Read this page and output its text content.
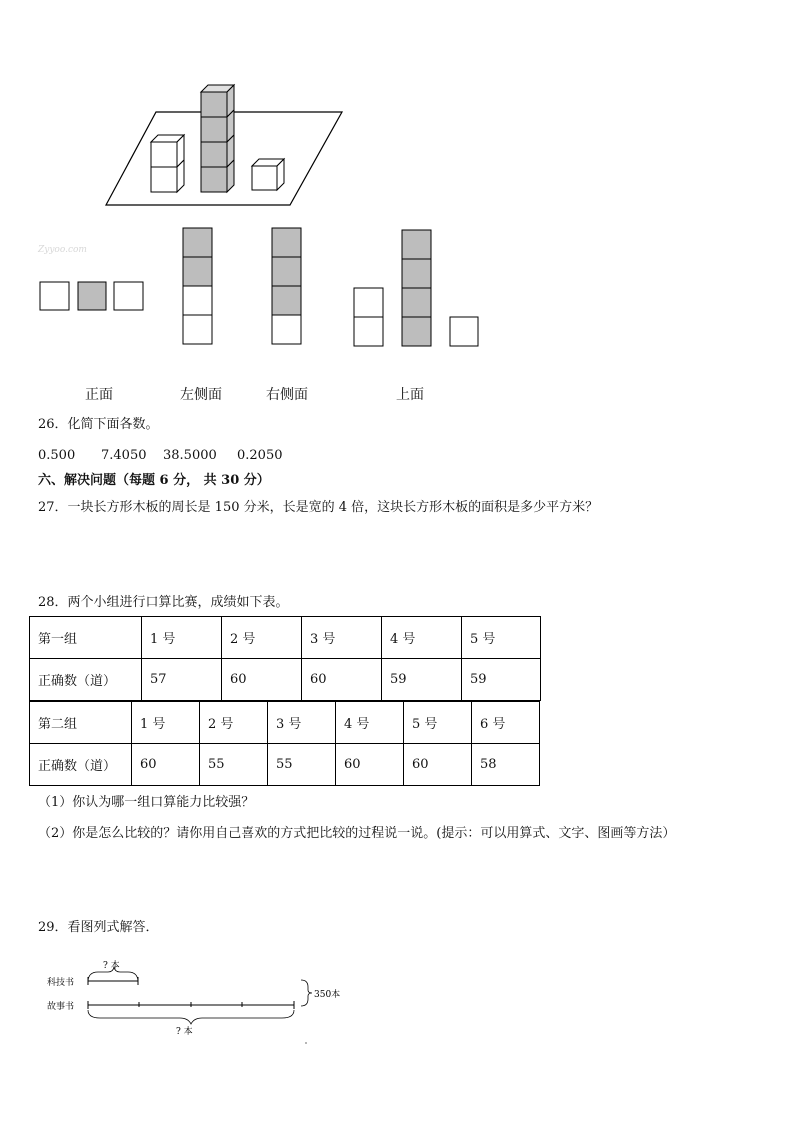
Zyyoo.com
正面	左侧面	右侧面	上面
26．化简下面各数。
0.500 7.4050 38.5000 0.2050
六、解决问题（每题 6 分， 共 30 分）
27．一块长方形木板的周长是 150 分米，长是宽的 4 倍，这块长方形木板的面积是多少平方米？
28．两个小组进行口算比赛，成绩如下表。
第一组	1 号	2 号	3 号	4 号	5 号
正确数（道）	57	60	60	59	59
第二组	1 号	2 号	3 号	4 号	5 号	6 号
正确数（道）	60	55	55	60	60	58
（1）你认为哪一组口算能力比较强？
（2）你是怎么比较的？请你用自己喜欢的方式把比较的过程说一说。(提示：可以用算式、文字、图画等方法）
29．看图列式解答．
科技书
故事书
? 本
? 本
350本
